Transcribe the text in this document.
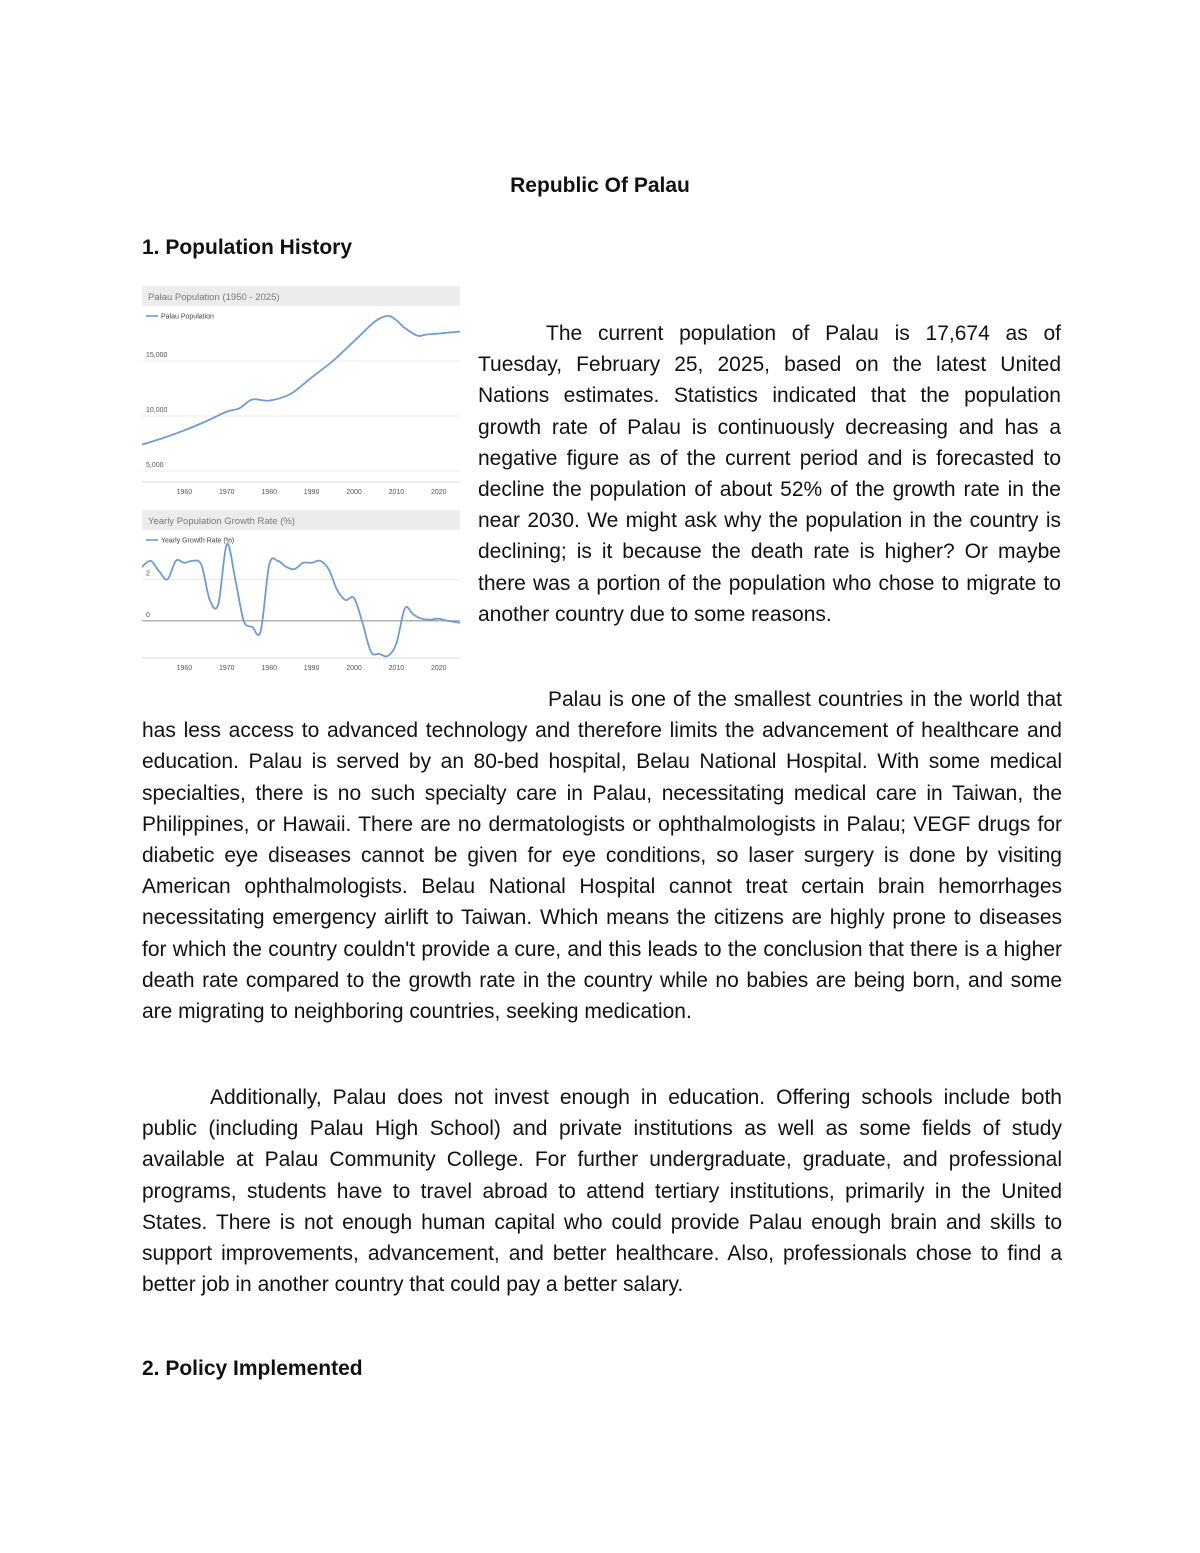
Republic Of Palau
1. Population History
Palau Population (1950 - 2025)
Palau Population
5,000
10,000
15,000
1960	1970	1980	1990	2000	2010	2020
Yearly Population Growth Rate (%)
Yearly Growth Rate (%)
0
2
1960	1970	1980	1990	2000	2010	2020

The current population of Palau is 17,674 as of Tuesday, February 25, 2025, based on the latest United Nations estimates. Statistics indicated that the population growth rate of Palau is continuously decreasing and has a negative figure as of the current period and is forecasted to decline the population of about 52% of the growth rate in the near 2030. We might ask why the population in the country is declining; is it because the death rate is higher? Or maybe there was a portion of the population who chose to migrate to another country due to some reasons.

Palau is one of the smallest countries in the world that has less access to advanced technology and therefore limits the advancement of healthcare and education. Palau is served by an 80-bed hospital, Belau National Hospital. With some medical specialties, there is no such specialty care in Palau, necessitating medical care in Taiwan, the Philippines, or Hawaii. There are no dermatologists or ophthalmologists in Palau; VEGF drugs for diabetic eye diseases cannot be given for eye conditions, so laser surgery is done by visiting American ophthalmologists. Belau National Hospital cannot treat certain brain hemorrhages necessitating emergency airlift to Taiwan. Which means the citizens are highly prone to diseases for which the country couldn't provide a cure, and this leads to the conclusion that there is a higher death rate compared to the growth rate in the country while no babies are being born, and some are migrating to neighboring countries, seeking medication.

Additionally, Palau does not invest enough in education. Offering schools include both public (including Palau High School) and private institutions as well as some fields of study available at Palau Community College. For further undergraduate, graduate, and professional programs, students have to travel abroad to attend tertiary institutions, primarily in the United States. There is not enough human capital who could provide Palau enough brain and skills to support improvements, advancement, and better healthcare. Also, professionals chose to find a better job in another country that could pay a better salary.

2. Policy Implemented
